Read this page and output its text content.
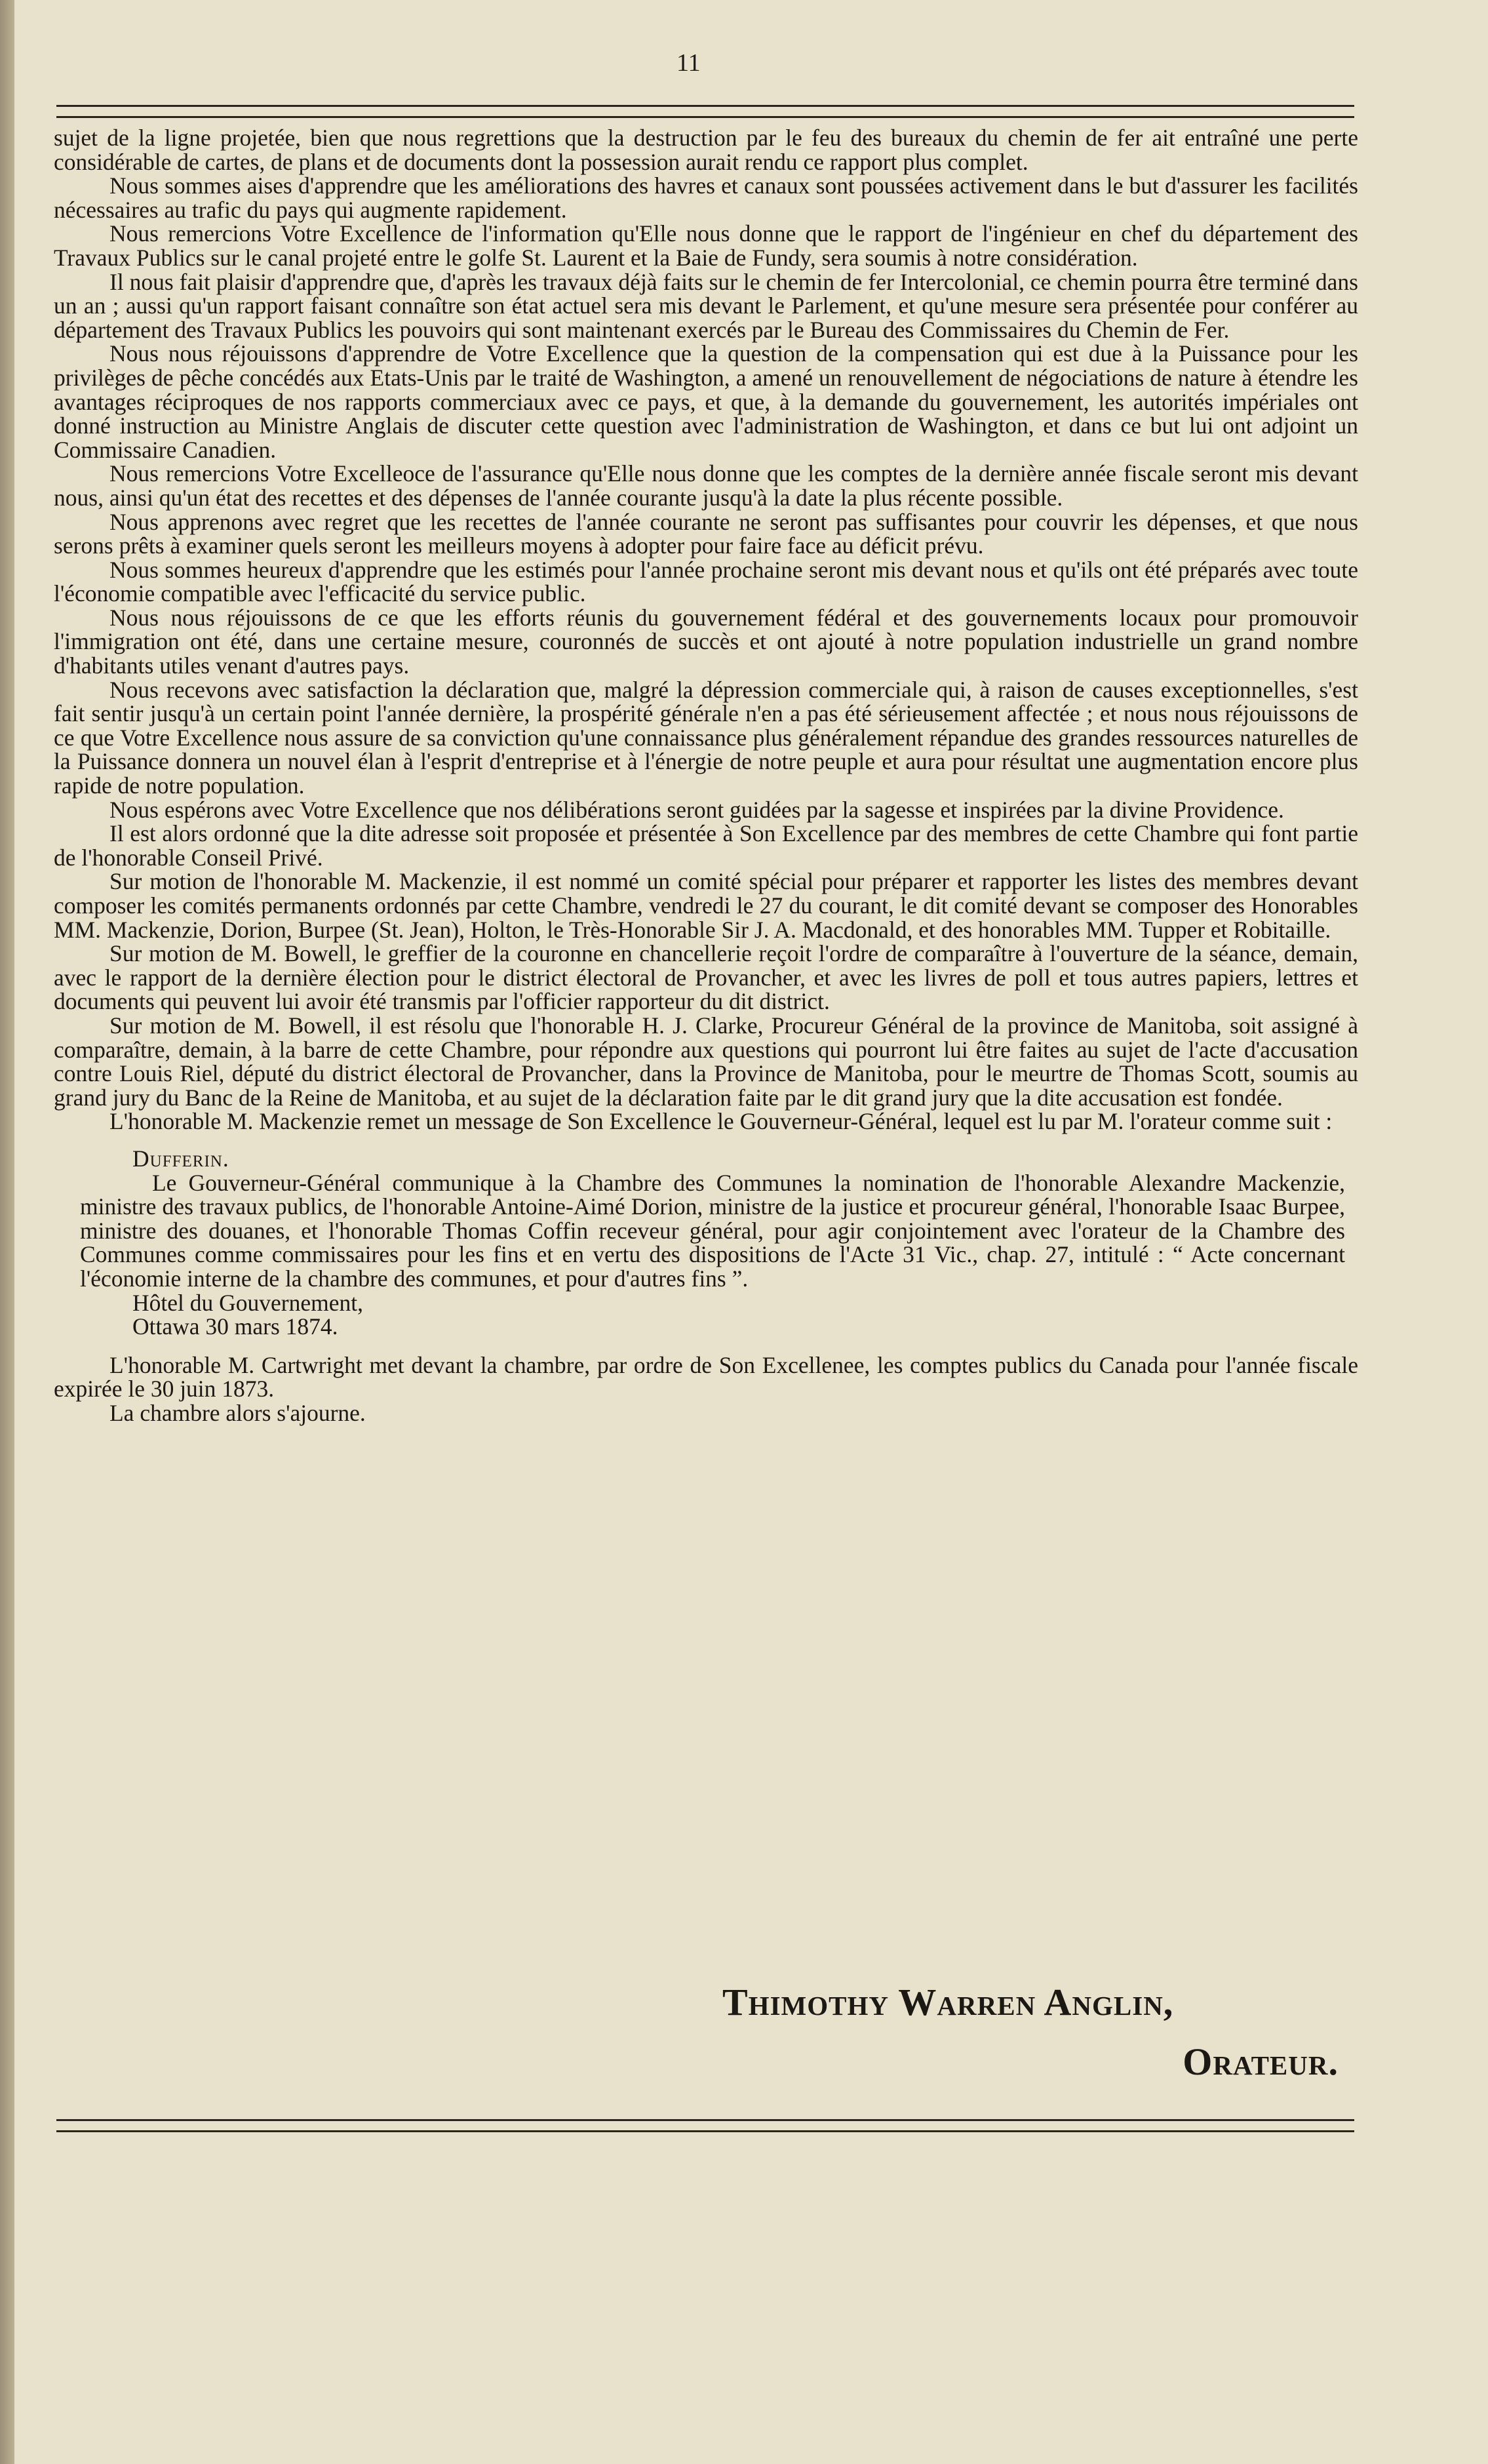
11

sujet de la ligne projetée, bien que nous regrettions que la destruction par le feu des bureaux du chemin de fer ait entraîné une perte considérable de cartes, de plans et de documents dont la possession aurait rendu ce rapport plus complet.

Nous sommes aises d'apprendre que les améliorations des havres et canaux sont poussées activement dans le but d'assurer les facilités nécessaires au trafic du pays qui augmente rapidement.

Nous remercions Votre Excellence de l'information qu'Elle nous donne que le rapport de l'ingénieur en chef du département des Travaux Publics sur le canal projeté entre le golfe St. Laurent et la Baie de Fundy, sera soumis à notre considération.

Il nous fait plaisir d'apprendre que, d'après les travaux déjà faits sur le chemin de fer Intercolonial, ce chemin pourra être terminé dans un an ; aussi qu'un rapport faisant connaître son état actuel sera mis devant le Parlement, et qu'une mesure sera présentée pour conférer au département des Travaux Publics les pouvoirs qui sont maintenant exercés par le Bureau des Commissaires du Chemin de Fer.

Nous nous réjouissons d'apprendre de Votre Excellence que la question de la compensation qui est due à la Puissance pour les privilèges de pêche concédés aux Etats-Unis par le traité de Washington, a amené un renouvellement de négociations de nature à étendre les avantages réciproques de nos rapports commerciaux avec ce pays, et que, à la demande du gouvernement, les autorités impériales ont donné instruction au Ministre Anglais de discuter cette question avec l'administration de Washington, et dans ce but lui ont adjoint un Commissaire Canadien.

Nous remercions Votre Excelleoce de l'assurance qu'Elle nous donne que les comptes de la dernière année fiscale seront mis devant nous, ainsi qu'un état des recettes et des dépenses de l'année courante jusqu'à la date la plus récente possible.

Nous apprenons avec regret que les recettes de l'année courante ne seront pas suffisantes pour couvrir les dépenses, et que nous serons prêts à examiner quels seront les meilleurs moyens à adopter pour faire face au déficit prévu.

Nous sommes heureux d'apprendre que les estimés pour l'année prochaine seront mis devant nous et qu'ils ont été préparés avec toute l'économie compatible avec l'efficacité du service public.

Nous nous réjouissons de ce que les efforts réunis du gouvernement fédéral et des gouvernements locaux pour promouvoir l'immigration ont été, dans une certaine mesure, couronnés de succès et ont ajouté à notre population industrielle un grand nombre d'habitants utiles venant d'autres pays.

Nous recevons avec satisfaction la déclaration que, malgré la dépression commerciale qui, à raison de causes exceptionnelles, s'est fait sentir jusqu'à un certain point l'année dernière, la prospérité générale n'en a pas été sérieusement affectée ; et nous nous réjouissons de ce que Votre Excellence nous assure de sa conviction qu'une connaissance plus généralement répandue des grandes ressources naturelles de la Puissance donnera un nouvel élan à l'esprit d'entreprise et à l'énergie de notre peuple et aura pour résultat une augmentation encore plus rapide de notre population.

Nous espérons avec Votre Excellence que nos délibérations seront guidées par la sagesse et inspirées par la divine Providence.

Il est alors ordonné que la dite adresse soit proposée et présentée à Son Excellence par des membres de cette Chambre qui font partie de l'honorable Conseil Privé.

Sur motion de l'honorable M. Mackenzie, il est nommé un comité spécial pour préparer et rapporter les listes des membres devant composer les comités permanents ordonnés par cette Chambre, vendredi le 27 du courant, le dit comité devant se composer des Honorables MM. Mackenzie, Dorion, Burpee (St. Jean), Holton, le Très-Honorable Sir J. A. Macdonald, et des honorables MM. Tupper et Robitaille.

Sur motion de M. Bowell, le greffier de la couronne en chancellerie reçoit l'ordre de comparaître à l'ouverture de la séance, demain, avec le rapport de la dernière élection pour le district électoral de Provancher, et avec les livres de poll et tous autres papiers, lettres et documents qui peuvent lui avoir été transmis par l'officier rapporteur du dit district.

Sur motion de M. Bowell, il est résolu que l'honorable H. J. Clarke, Procureur Général de la province de Manitoba, soit assigné à comparaître, demain, à la barre de cette Chambre, pour répondre aux questions qui pourront lui être faites au sujet de l'acte d'accusation contre Louis Riel, député du district électoral de Provancher, dans la Province de Manitoba, pour le meurtre de Thomas Scott, soumis au grand jury du Banc de la Reine de Manitoba, et au sujet de la déclaration faite par le dit grand jury que la dite accusation est fondée.

L'honorable M. Mackenzie remet un message de Son Excellence le Gouverneur-Général, lequel est lu par M. l'orateur comme suit :

Dufferin.

Le Gouverneur-Général communique à la Chambre des Communes la nomination de l'honorable Alexandre Mackenzie, ministre des travaux publics, de l'honorable Antoine-Aimé Dorion, ministre de la justice et procureur général, l'honorable Isaac Burpee, ministre des douanes, et l'honorable Thomas Coffin receveur général, pour agir conjointement avec l'orateur de la Chambre des Communes comme commissaires pour les fins et en vertu des dispositions de l'Acte 31 Vic., chap. 27, intitulé : “ Acte concernant l'économie interne de la chambre des communes, et pour d'autres fins ”.

Hôtel du Gouvernement,

Ottawa 30 mars 1874.

L'honorable M. Cartwright met devant la chambre, par ordre de Son Excellenee, les comptes publics du Canada pour l'année fiscale expirée le 30 juin 1873.

La chambre alors s'ajourne.

Thimothy Warren Anglin,
Orateur.
